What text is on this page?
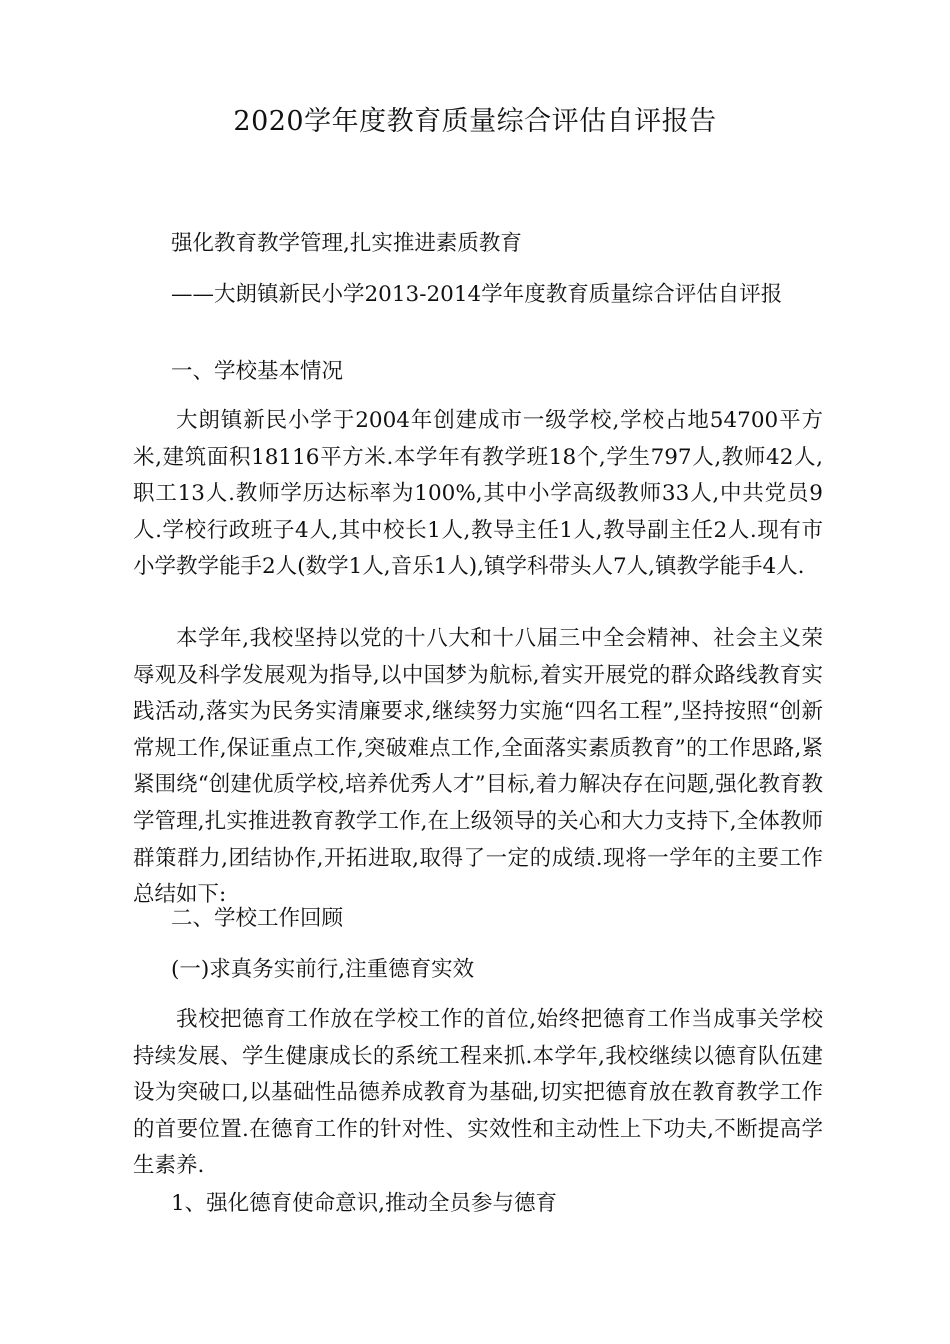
2020学年度教育质量综合评估自评报告
强化教育教学管理,扎实推进素质教育
——大朗镇新民小学2013-2014学年度教育质量综合评估自评报
一、学校基本情况

大朗镇新民小学于2004年创建成市一级学校,学校占地54700平方米,建筑面积18116平方米.本学年有教学班18个,学生797人,教师42人,职工13人.教师学历达标率为100%,其中小学高级教师33人,中共党员9人.学校行政班子4人,其中校长1人,教导主任1人,教导副主任2人.现有市小学教学能手2人(数学1人,音乐1人),镇学科带头人7人,镇教学能手4人.

本学年,我校坚持以党的十八大和十八届三中全会精神、社会主义荣辱观及科学发展观为指导,以中国梦为航标,着实开展党的群众路线教育实践活动,落实为民务实清廉要求,继续努力实施“四名工程”,坚持按照“创新常规工作,保证重点工作,突破难点工作,全面落实素质教育”的工作思路,紧紧围绕“创建优质学校,培养优秀人才”目标,着力解决存在问题,强化教育教学管理,扎实推进教育教学工作,在上级领导的关心和大力支持下,全体教师群策群力,团结协作,开拓进取,取得了一定的成绩.现将一学年的主要工作总结如下:

二、学校工作回顾
(一)求真务实前行,注重德育实效

我校把德育工作放在学校工作的首位,始终把德育工作当成事关学校持续发展、学生健康成长的系统工程来抓.本学年,我校继续以德育队伍建设为突破口,以基础性品德养成教育为基础,切实把德育放在教育教学工作的首要位置.在德育工作的针对性、实效性和主动性上下功夫,不断提高学生素养.

1、强化德育使命意识,推动全员参与德育
